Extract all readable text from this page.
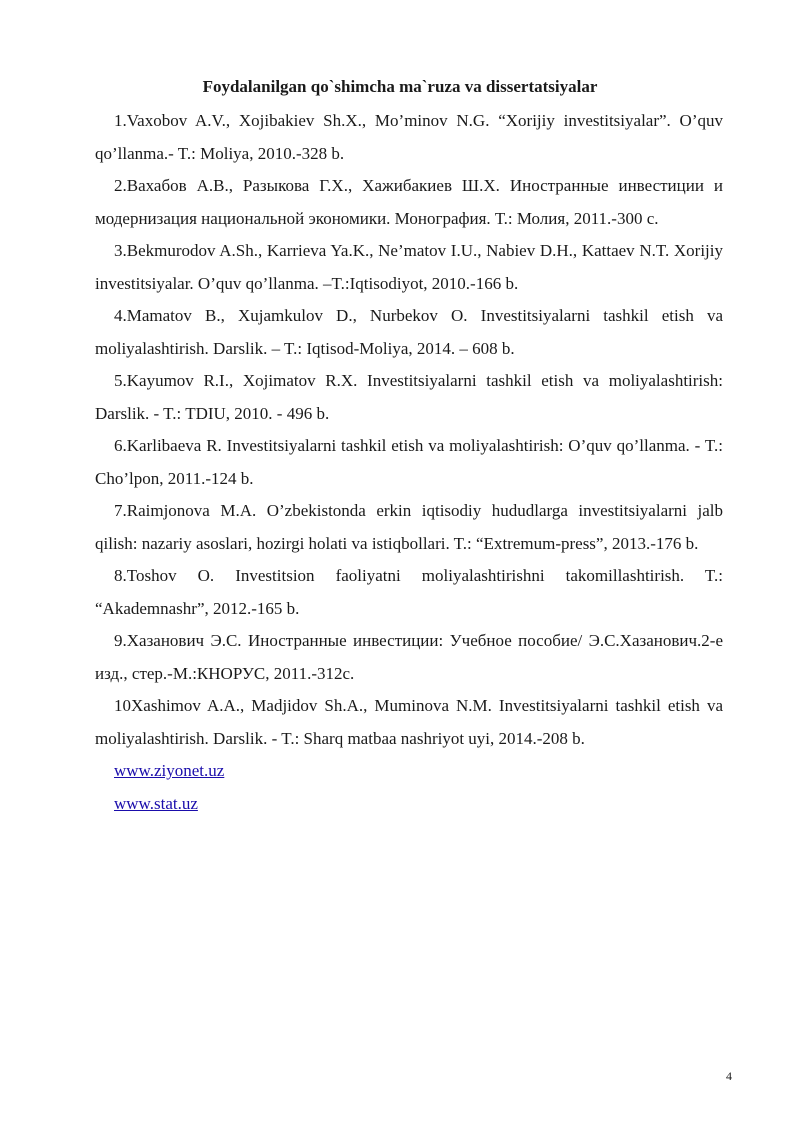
Foydalanilgan qo`shimcha ma`ruza va dissertatsiyalar

1.Vaxobov A.V., Xojibakiev Sh.X., Mo’minov N.G. “Xorijiy investitsiyalar”. O’quv qo’llanma.- T.: Moliya, 2010.-328 b.

2.Вахабов А.В., Разыкова Г.Х., Хажибакиев Ш.Х. Иностранные инвестиции и модернизация национальной экономики. Монография. Т.: Молия, 2011.-300 с.

3.Bekmurodov A.Sh., Karrieva Ya.K., Ne’matov I.U., Nabiev D.H., Kattaev N.T. Xorijiy investitsiyalar. O’quv qo’llanma. –T.:Iqtisodiyot, 2010.-166 b.

4.Mamatov B., Xujamkulov D., Nurbekov O. Investitsiyalarni tashkil etish va moliyalashtirish. Darslik. – T.: Iqtisod-Moliya, 2014. – 608 b.

5.Kayumov R.I., Xojimatov R.X. Investitsiyalarni tashkil etish va moliyalashtirish: Darslik. - T.: TDIU, 2010. - 496 b.

6.Karlibaeva R. Investitsiyalarni tashkil etish va moliyalashtirish: O’quv qo’llanma. - T.: Cho’lpon, 2011.-124 b.

7.Raimjonova M.A. O’zbekistonda erkin iqtisodiy hududlarga investitsiyalarni jalb qilish: nazariy asoslari, hozirgi holati va istiqbollari. T.: “Extremum-press”, 2013.-176 b.

8.Toshov O. Investitsion faoliyatni moliyalashtirishni takomillashtirish. T.: “Akademnashr”, 2012.-165 b.

9.Хазанович Э.С. Иностранные инвестиции: Учебное пособие/ Э.С.Хазанович.2-е изд., стер.-М.:КНОРУС, 2011.-312с.

10Xashimov A.A., Madjidov Sh.A., Muminova N.M. Investitsiyalarni tashkil etish va moliyalashtirish. Darslik. - T.: Sharq matbaa nashriyot uyi, 2014.-208 b.

www.ziyonet.uz
www.stat.uz
4
